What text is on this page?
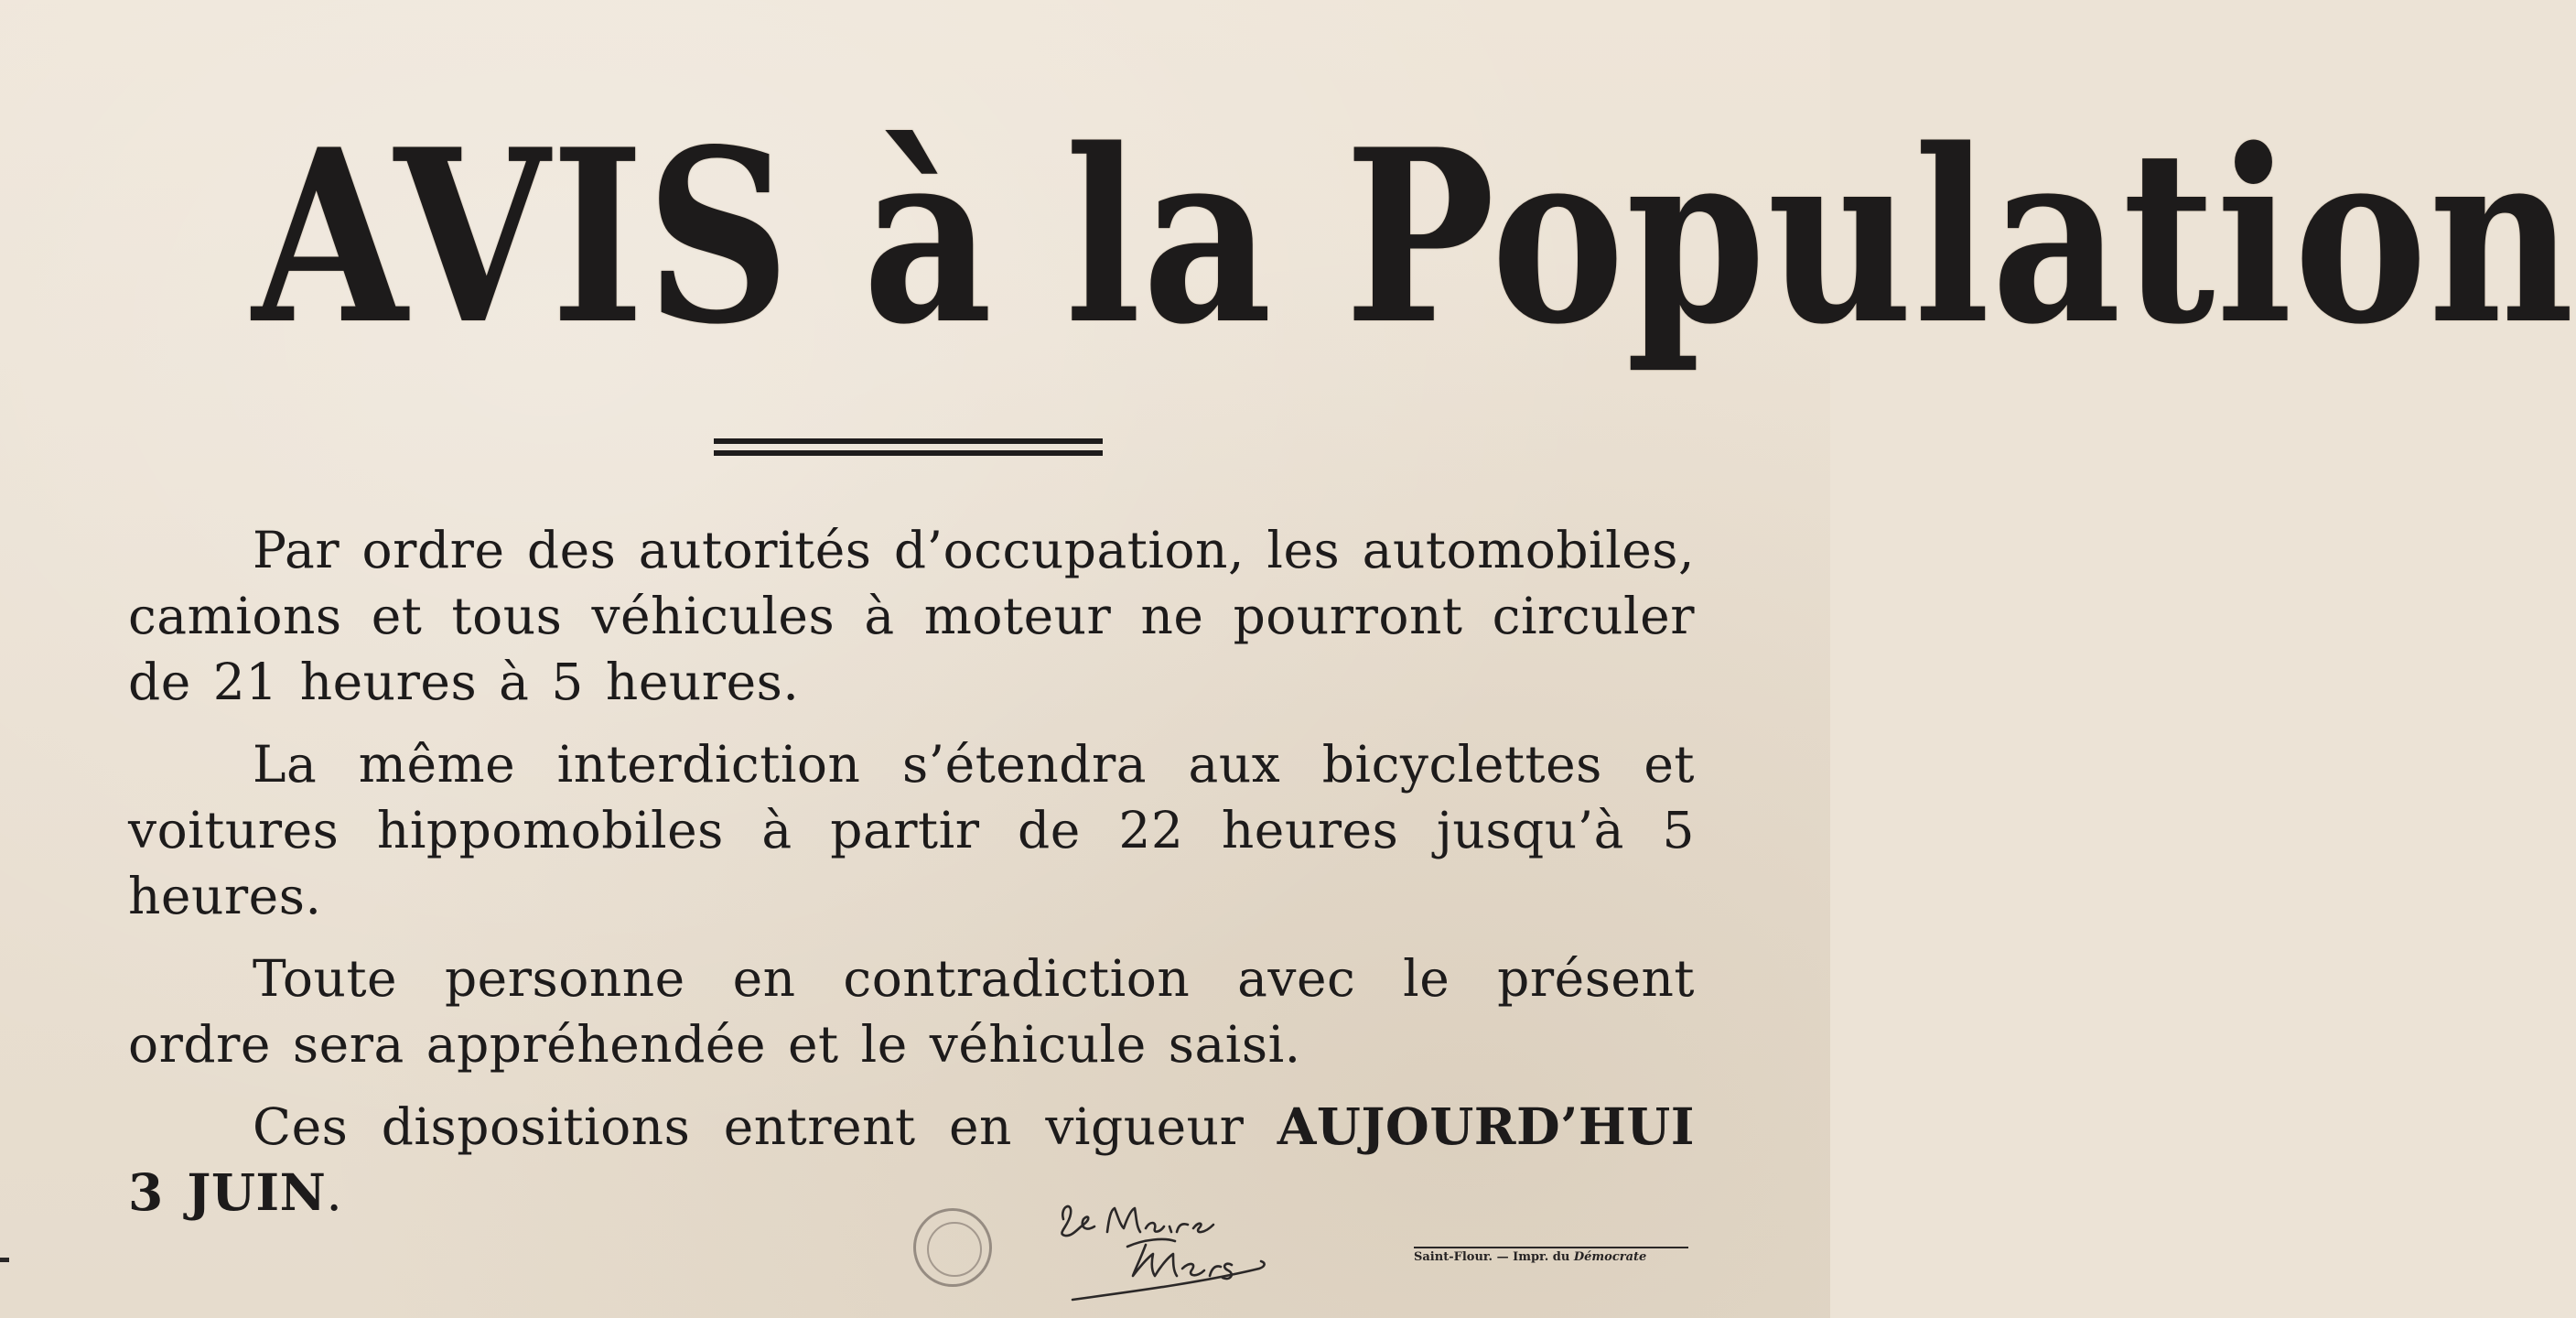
AVIS à la Population

Par ordre des autorités d’occupation, les automobiles, camions et tous véhicules à moteur ne pourront circuler de 21 heures à 5 heures.

La même interdiction s’étendra aux bicyclettes et voitures hippomobiles à partir de 22 heures jusqu’à 5 heures.

Toute personne en contradiction avec le présent ordre sera appréhendée et le véhicule saisi.

Ces dispositions entrent en vigueur AUJOURD’HUI 3 JUIN.

Saint-Flour. — Impr. du Démocrate
